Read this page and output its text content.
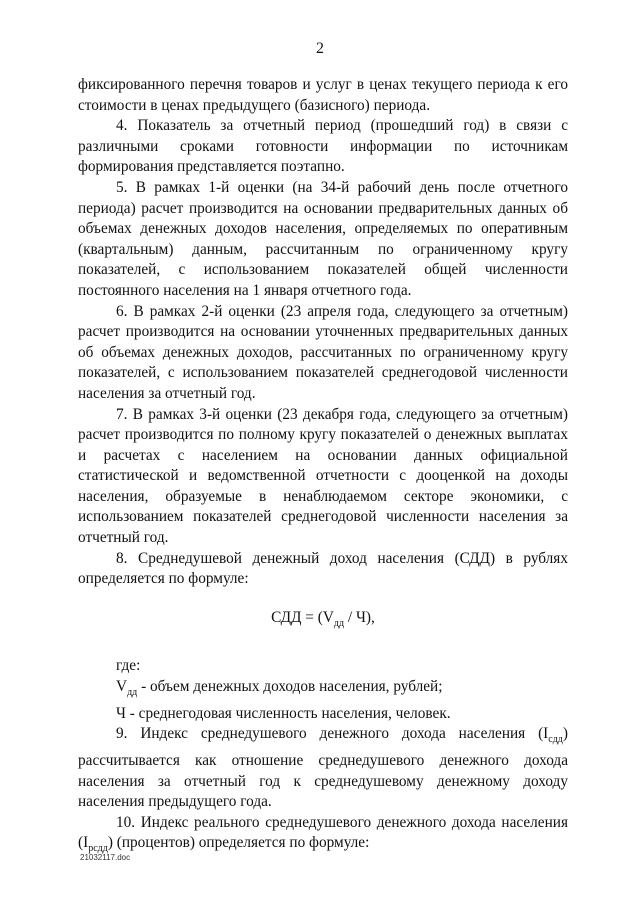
2

фиксированного перечня товаров и услуг в ценах текущего периода к его стоимости в ценах предыдущего (базисного) периода.

4. Показатель за отчетный период (прошедший год) в связи с различными сроками готовности информации по источникам формирования представляется поэтапно.

5. В рамках 1-й оценки (на 34-й рабочий день после отчетного периода) расчет производится на основании предварительных данных об объемах денежных доходов населения, определяемых по оперативным (квартальным) данным, рассчитанным по ограниченному кругу показателей, с использованием показателей общей численности постоянного населения на 1 января отчетного года.

6. В рамках 2-й оценки (23 апреля года, следующего за отчетным) расчет производится на основании уточненных предварительных данных об объемах денежных доходов, рассчитанных по ограниченному кругу показателей, с использованием показателей среднегодовой численности населения за отчетный год.

7. В рамках 3-й оценки (23 декабря года, следующего за отчетным) расчет производится по полному кругу показателей о денежных выплатах и расчетах с населением на основании данных официальной статистической и ведомственной отчетности с дооценкой на доходы населения, образуемые в ненаблюдаемом секторе экономики, с использованием показателей среднегодовой численности населения за отчетный год.

8. Среднедушевой денежный доход населения (СДД) в рублях определяется по формуле:

СДД = $(V_{дд} / Ч)$,

где:

$V_{дд}$ - объем денежных доходов населения, рублей;

Ч - среднегодовая численность населения, человек.

9. Индекс среднедушевого денежного дохода населения $(I_{сдд})$ рассчитывается как отношение среднедушевого денежного дохода населения за отчетный год к среднедушевому денежному доходу населения предыдущего года.

10. Индекс реального среднедушевого денежного дохода населения $(I_{рсдд})$ (процентов) определяется по формуле:

21032117.doc
